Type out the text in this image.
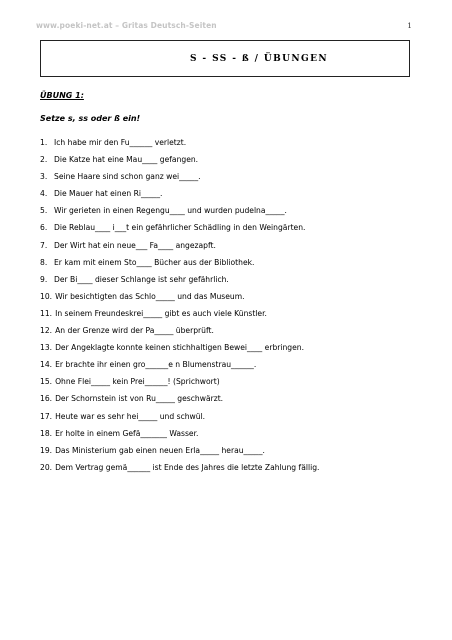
www.poeki-net.at – Gritas Deutsch-Seiten	1
S - SS - ß / ÜBUNGEN
ÜBUNG 1:
Setze s, ss oder ß ein!
1. Ich habe mir den Fu______ verletzt.
2. Die Katze hat eine Mau____ gefangen.
3. Seine Haare sind schon ganz wei_____.
4. Die Mauer hat einen Ri_____.
5. Wir gerieten in einen Regengu____ und wurden pudelna_____.
6. Die Reblau____ i___t ein gefährlicher Schädling in den Weingärten.
7. Der Wirt hat ein neue___ Fa____ angezapft.
8. Er kam mit einem Sto____ Bücher aus der Bibliothek.
9. Der Bi____ dieser Schlange ist sehr gefährlich.
10. Wir besichtigten das Schlo_____ und das Museum.
11. In seinem Freundeskrei_____ gibt es auch viele Künstler.
12. An der Grenze wird der Pa_____ überprüft.
13. Der Angeklagte konnte keinen stichhaltigen Bewei____ erbringen.
14. Er brachte ihr einen gro______e n Blumenstrau______.
15. Ohne Flei_____ kein Prei______! (Sprichwort)
16. Der Schornstein ist von Ru_____ geschwärzt.
17. Heute war es sehr hei_____ und schwül.
18. Er holte in einem Gefä_______ Wasser.
19. Das Ministerium gab einen neuen Erla_____ herau_____.
20. Dem Vertrag gemä______ ist Ende des Jahres die letzte Zahlung fällig.
